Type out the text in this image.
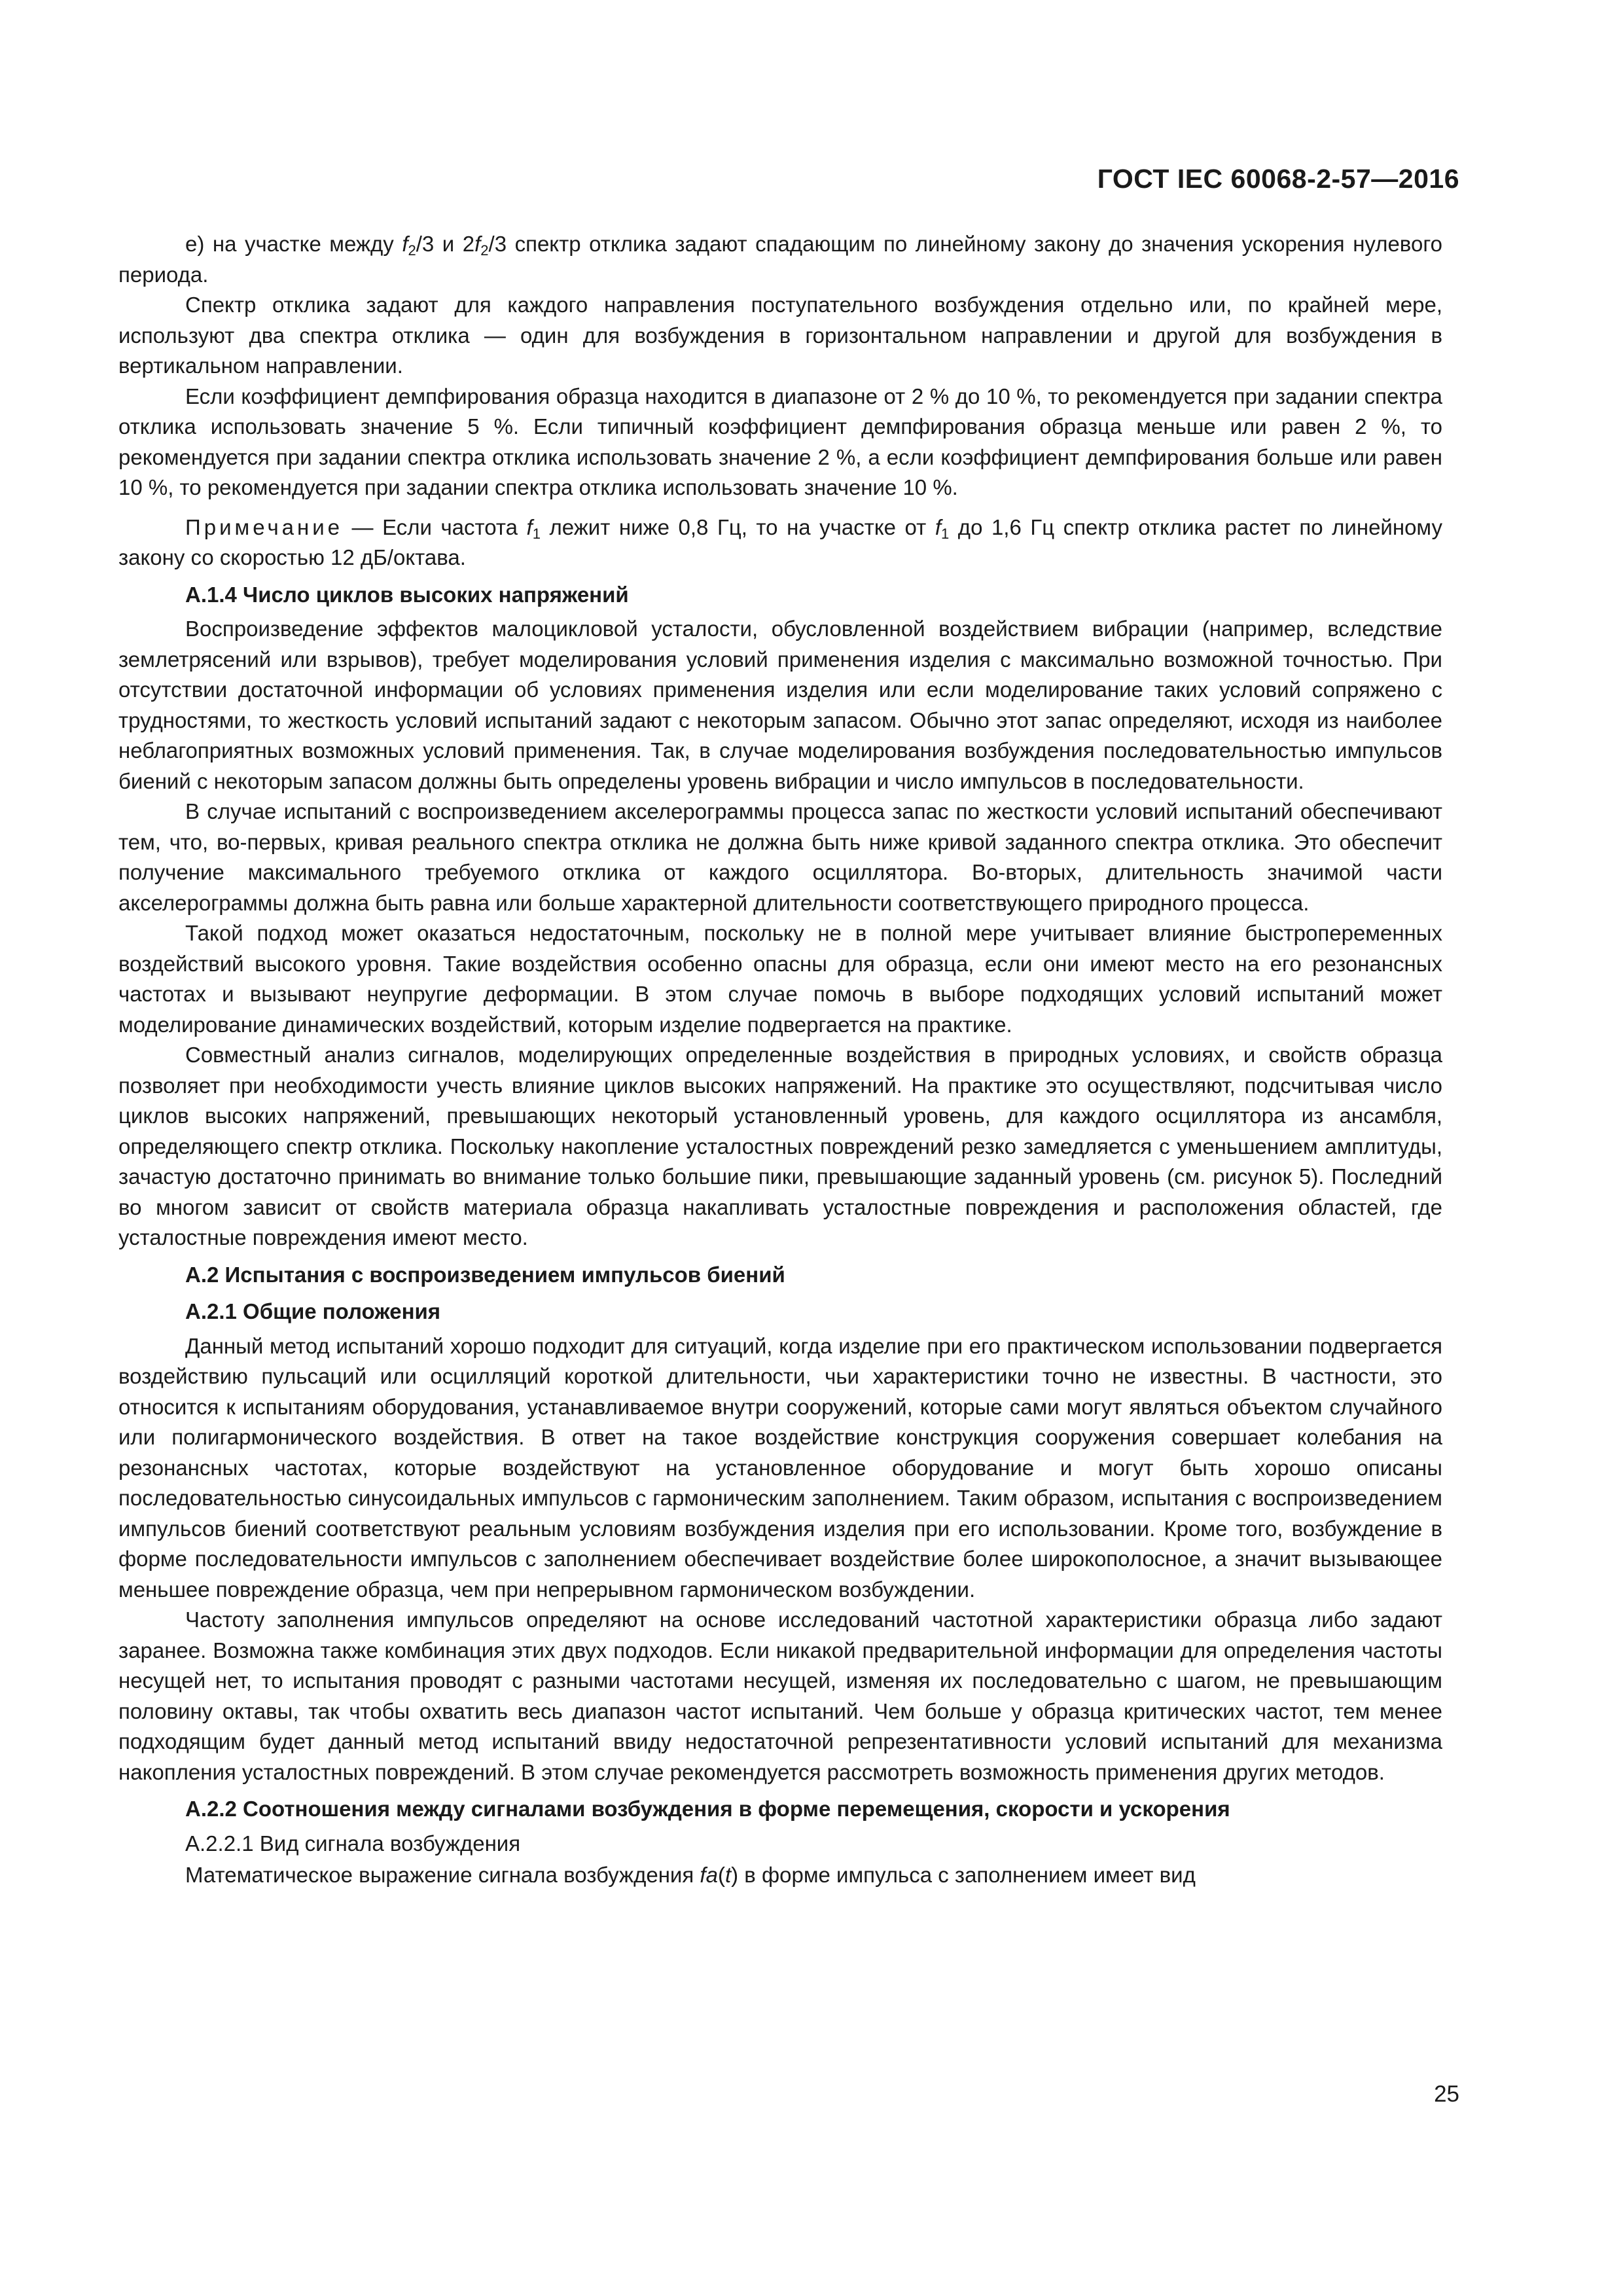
ГОСТ IEC 60068-2-57—2016

е) на участке между $f_2/3$ и $2f_2/3$ спектр отклика задают спадающим по линейному закону до значения ускорения нулевого периода.

Спектр отклика задают для каждого направления поступательного возбуждения отдельно или, по крайней мере, используют два спектра отклика — один для возбуждения в горизонтальном направлении и другой для возбуждения в вертикальном направлении.

Если коэффициент демпфирования образца находится в диапазоне от 2 % до 10 %, то рекомендуется при задании спектра отклика использовать значение 5 %. Если типичный коэффициент демпфирования образца меньше или равен 2 %, то рекомендуется при задании спектра отклика использовать значение 2 %, а если коэффициент демпфирования больше или равен 10 %, то рекомендуется при задании спектра отклика использовать значение 10 %.

Примечание — Если частота $f_1$ лежит ниже 0,8 Гц, то на участке от $f_1$ до 1,6 Гц спектр отклика растет по линейному закону со скоростью 12 дБ/октава.

А.1.4 Число циклов высоких напряжений

Воспроизведение эффектов малоцикловой усталости, обусловленной воздействием вибрации (например, вследствие землетрясений или взрывов), требует моделирования условий применения изделия с максимально возможной точностью. При отсутствии достаточной информации об условиях применения изделия или если моделирование таких условий сопряжено с трудностями, то жесткость условий испытаний задают с некоторым запасом. Обычно этот запас определяют, исходя из наиболее неблагоприятных возможных условий применения. Так, в случае моделирования возбуждения последовательностью импульсов биений с некоторым запасом должны быть определены уровень вибрации и число импульсов в последовательности.

В случае испытаний с воспроизведением акселерограммы процесса запас по жесткости условий испытаний обеспечивают тем, что, во-первых, кривая реального спектра отклика не должна быть ниже кривой заданного спектра отклика. Это обеспечит получение максимального требуемого отклика от каждого осциллятора. Во-вторых, длительность значимой части акселерограммы должна быть равна или больше характерной длительности соответствующего природного процесса.

Такой подход может оказаться недостаточным, поскольку не в полной мере учитывает влияние быстропеременных воздействий высокого уровня. Такие воздействия особенно опасны для образца, если они имеют место на его резонансных частотах и вызывают неупругие деформации. В этом случае помочь в выборе подходящих условий испытаний может моделирование динамических воздействий, которым изделие подвергается на практике.

Совместный анализ сигналов, моделирующих определенные воздействия в природных условиях, и свойств образца позволяет при необходимости учесть влияние циклов высоких напряжений. На практике это осуществляют, подсчитывая число циклов высоких напряжений, превышающих некоторый установленный уровень, для каждого осциллятора из ансамбля, определяющего спектр отклика. Поскольку накопление усталостных повреждений резко замедляется с уменьшением амплитуды, зачастую достаточно принимать во внимание только большие пики, превышающие заданный уровень (см. рисунок 5). Последний во многом зависит от свойств материала образца накапливать усталостные повреждения и расположения областей, где усталостные повреждения имеют место.

А.2 Испытания с воспроизведением импульсов биений
А.2.1 Общие положения

Данный метод испытаний хорошо подходит для ситуаций, когда изделие при его практическом использовании подвергается воздействию пульсаций или осцилляций короткой длительности, чьи характеристики точно не известны. В частности, это относится к испытаниям оборудования, устанавливаемое внутри сооружений, которые сами могут являться объектом случайного или полигармонического воздействия. В ответ на такое воздействие конструкция сооружения совершает колебания на резонансных частотах, которые воздействуют на установленное оборудование и могут быть хорошо описаны последовательностью синусоидальных импульсов с гармоническим заполнением. Таким образом, испытания с воспроизведением импульсов биений соответствуют реальным условиям возбуждения изделия при его использовании. Кроме того, возбуждение в форме последовательности импульсов с заполнением обеспечивает воздействие более широкополосное, а значит вызывающее меньшее повреждение образца, чем при непрерывном гармоническом возбуждении.

Частоту заполнения импульсов определяют на основе исследований частотной характеристики образца либо задают заранее. Возможна также комбинация этих двух подходов. Если никакой предварительной информации для определения частоты несущей нет, то испытания проводят с разными частотами несущей, изменяя их последовательно с шагом, не превышающим половину октавы, так чтобы охватить весь диапазон частот испытаний. Чем больше у образца критических частот, тем менее подходящим будет данный метод испытаний ввиду недостаточной репрезентативности условий испытаний для механизма накопления усталостных повреждений. В этом случае рекомендуется рассмотреть возможность применения других методов.

А.2.2 Соотношения между сигналами возбуждения в форме перемещения, скорости и ускорения
А.2.2.1 Вид сигнала возбуждения

Математическое выражение сигнала возбуждения fa(t) в форме импульса с заполнением имеет вид

25
